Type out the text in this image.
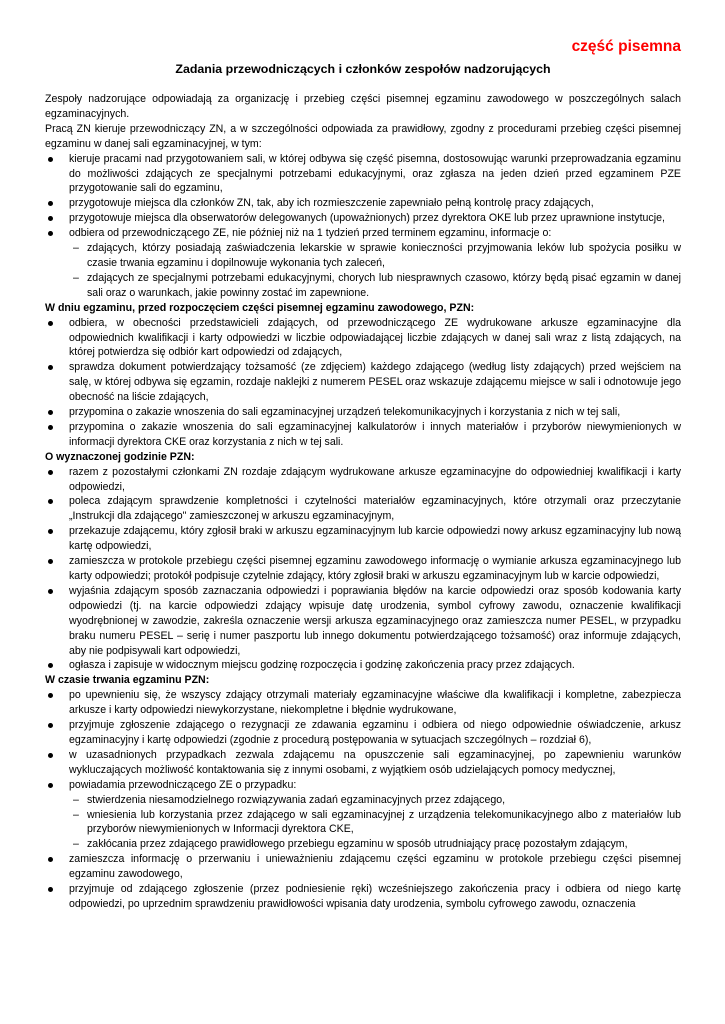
część pisemna
Zadania przewodniczących i członków zespołów nadzorujących

Zespoły nadzorujące odpowiadają za organizację i przebieg części pisemnej egzaminu zawodowego w poszczególnych salach egzaminacyjnych.

Pracą ZN kieruje przewodniczący ZN, a w szczególności odpowiada za prawidłowy, zgodny z procedurami przebieg części pisemnej egzaminu w danej sali egzaminacyjnej, w tym:

kieruje pracami nad przygotowaniem sali, w której odbywa się część pisemna, dostosowując warunki przeprowadzania egzaminu do możliwości zdających ze specjalnymi potrzebami edukacyjnymi, oraz zgłasza na jeden dzień przed egzaminem PZE przygotowanie sali do egzaminu,
przygotowuje miejsca dla członków ZN, tak, aby ich rozmieszczenie zapewniało pełną kontrolę pracy zdających,
przygotowuje miejsca dla obserwatorów delegowanych (upoważnionych) przez dyrektora OKE lub przez uprawnione instytucje,
odbiera od przewodniczącego ZE, nie później niż na 1 tydzień przed terminem egzaminu, informacje o:
– zdających, którzy posiadają zaświadczenia lekarskie w sprawie konieczności przyjmowania leków lub spożycia posiłku w czasie trwania egzaminu i dopilnowuje wykonania tych zaleceń,
– zdających ze specjalnymi potrzebami edukacyjnymi, chorych lub niesprawnych czasowo, którzy będą pisać egzamin w danej sali oraz o warunkach, jakie powinny zostać im zapewnione.
W dniu egzaminu, przed rozpoczęciem części pisemnej egzaminu zawodowego, PZN:
odbiera, w obecności przedstawicieli zdających, od przewodniczącego ZE wydrukowane arkusze egzaminacyjne dla odpowiednich kwalifikacji i karty odpowiedzi w liczbie odpowiadającej liczbie zdających w danej sali wraz z listą zdających, na której potwierdza się odbiór kart odpowiedzi od zdających,
sprawdza dokument potwierdzający tożsamość (ze zdjęciem) każdego zdającego (według listy zdających) przed wejściem na salę, w której odbywa się egzamin, rozdaje naklejki z numerem PESEL oraz wskazuje zdającemu miejsce w sali i odnotowuje jego obecność na liście zdających,
przypomina o zakazie wnoszenia do sali egzaminacyjnej urządzeń telekomunikacyjnych i korzystania z nich w tej sali,
przypomina o zakazie wnoszenia do sali egzaminacyjnej kalkulatorów i innych materiałów i przyborów niewymienionych w informacji dyrektora CKE oraz korzystania z nich w tej sali.
O wyznaczonej godzinie PZN:
razem z pozostałymi członkami ZN rozdaje zdającym wydrukowane arkusze egzaminacyjne do odpowiedniej kwalifikacji i karty odpowiedzi,
poleca zdającym sprawdzenie kompletności i czytelności materiałów egzaminacyjnych, które otrzymali oraz przeczytanie „Instrukcji dla zdającego" zamieszczonej w arkuszu egzaminacyjnym,
przekazuje zdającemu, który zgłosił braki w arkuszu egzaminacyjnym lub karcie odpowiedzi nowy arkusz egzaminacyjny lub nową kartę odpowiedzi,
zamieszcza w protokole przebiegu części pisemnej egzaminu zawodowego informację o wymianie arkusza egzaminacyjnego lub karty odpowiedzi; protokół podpisuje czytelnie zdający, który zgłosił braki w arkuszu egzaminacyjnym lub w karcie odpowiedzi,
wyjaśnia zdającym sposób zaznaczania odpowiedzi i poprawiania błędów na karcie odpowiedzi oraz sposób kodowania karty odpowiedzi (tj. na karcie odpowiedzi zdający wpisuje datę urodzenia, symbol cyfrowy zawodu, oznaczenie kwalifikacji wyodrębnionej w zawodzie, zakreśla oznaczenie wersji arkusza egzaminacyjnego oraz zamieszcza numer PESEL, w przypadku braku numeru PESEL – serię i numer paszportu lub innego dokumentu potwierdzającego tożsamość) oraz informuje zdających, aby nie podpisywali kart odpowiedzi,
ogłasza i zapisuje w widocznym miejscu godzinę rozpoczęcia i godzinę zakończenia pracy przez zdających.
W czasie trwania egzaminu PZN:
po upewnieniu się, że wszyscy zdający otrzymali materiały egzaminacyjne właściwe dla kwalifikacji i kompletne, zabezpiecza arkusze i karty odpowiedzi niewykorzystane, niekompletne i błędnie wydrukowane,
przyjmuje zgłoszenie zdającego o rezygnacji ze zdawania egzaminu i odbiera od niego odpowiednie oświadczenie, arkusz egzaminacyjny i kartę odpowiedzi (zgodnie z procedurą postępowania w sytuacjach szczególnych – rozdział 6),
w uzasadnionych przypadkach zezwala zdającemu na opuszczenie sali egzaminacyjnej, po zapewnieniu warunków wykluczających możliwość kontaktowania się z innymi osobami, z wyjątkiem osób udzielających pomocy medycznej,
powiadamia przewodniczącego ZE o przypadku:
– stwierdzenia niesamodzielnego rozwiązywania zadań egzaminacyjnych przez zdającego,
– wniesienia lub korzystania przez zdającego w sali egzaminacyjnej z urządzenia telekomunikacyjnego albo z materiałów lub przyborów niewymienionych w Informacji dyrektora CKE,
– zakłócania przez zdającego prawidłowego przebiegu egzaminu w sposób utrudniający pracę pozostałym zdającym,
zamieszcza informację o przerwaniu i unieważnieniu zdającemu części egzaminu w protokole przebiegu części pisemnej egzaminu zawodowego,
przyjmuje od zdającego zgłoszenie (przez podniesienie ręki) wcześniejszego zakończenia pracy i odbiera od niego kartę odpowiedzi, po uprzednim sprawdzeniu prawidłowości wpisania daty urodzenia, symbolu cyfrowego zawodu, oznaczenia
